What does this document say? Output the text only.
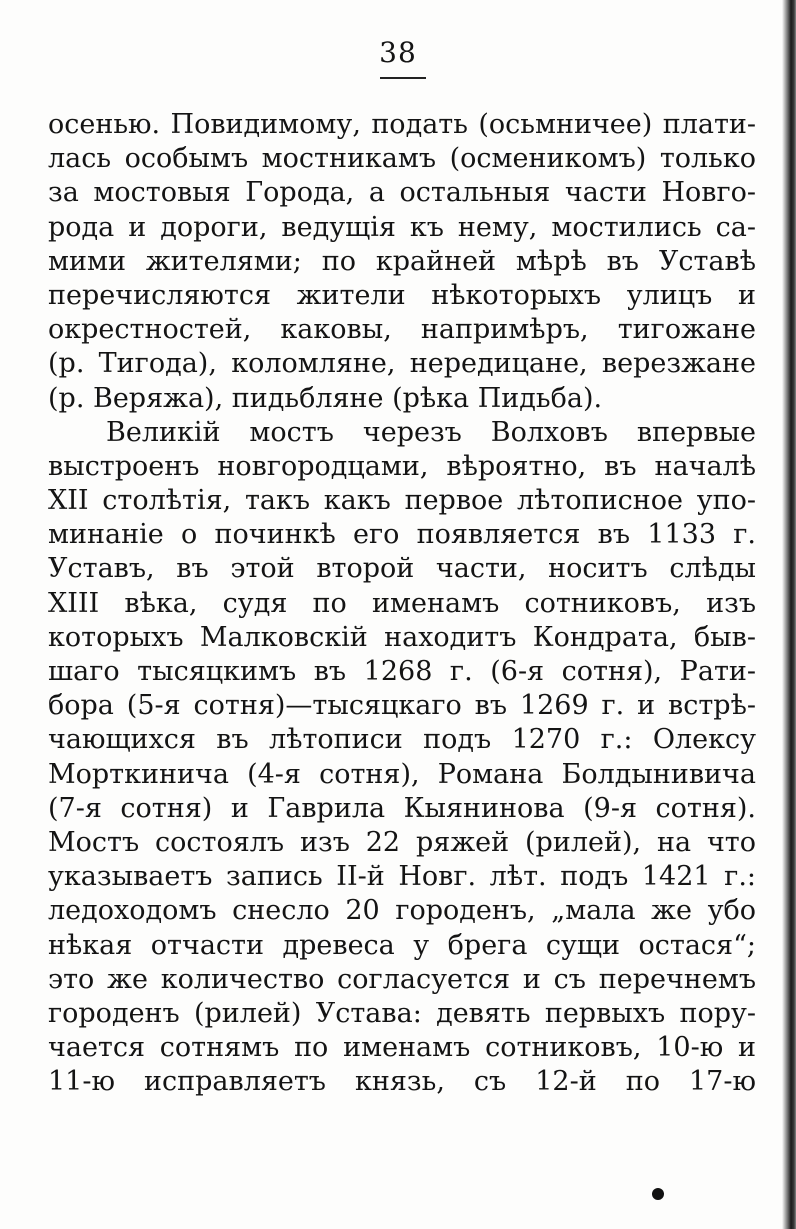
38
осенью. Повидимому, подать (осьмничее) плати-
лась особымъ мостникамъ (осменикомъ) только
за мостовыя Города, а остальныя части Новго-
рода и дороги, ведущія къ нему, мостились са-
мими жителями; по крайней мѣрѣ въ Уставѣ
перечисляются жители нѣкоторыхъ улицъ и
окрестностей, каковы, напримѣръ, тигожане
(р. Тигода), коломляне, нередицане, верезжане
(р. Веряжа), пидьбляне (рѣка Пидьба).
Великій мостъ черезъ Волховъ впервые
выстроенъ новгородцами, вѣроятно, въ началѣ
XII столѣтія, такъ какъ первое лѣтописное упо-
минаніе о починкѣ его появляется въ 1133 г.
Уставъ, въ этой второй части, носитъ слѣды
XIII вѣка, судя по именамъ сотниковъ, изъ
которыхъ Малковскій находитъ Кондрата, быв-
шаго тысяцкимъ въ 1268 г. (6-я сотня), Рати-
бора (5-я сотня)—тысяцкаго въ 1269 г. и встрѣ-
чающихся въ лѣтописи подъ 1270 г.: Олексу
Морткинича (4-я сотня), Романа Болдынивича
(7-я сотня) и Гаврила Кыянинова (9-я сотня).
Мостъ состоялъ изъ 22 ряжей (рилей), на что
указываетъ запись II-й Новг. лѣт. подъ 1421 г.:
ледоходомъ снесло 20 городенъ, „мала же убо
нѣкая отчасти древеса у брега сущи остася“;
это же количество согласуется и съ перечнемъ
городенъ (рилей) Устава: девять первыхъ пору-
чается сотнямъ по именамъ сотниковъ, 10-ю и
11-ю исправляетъ князь, съ 12-й по 17-ю
